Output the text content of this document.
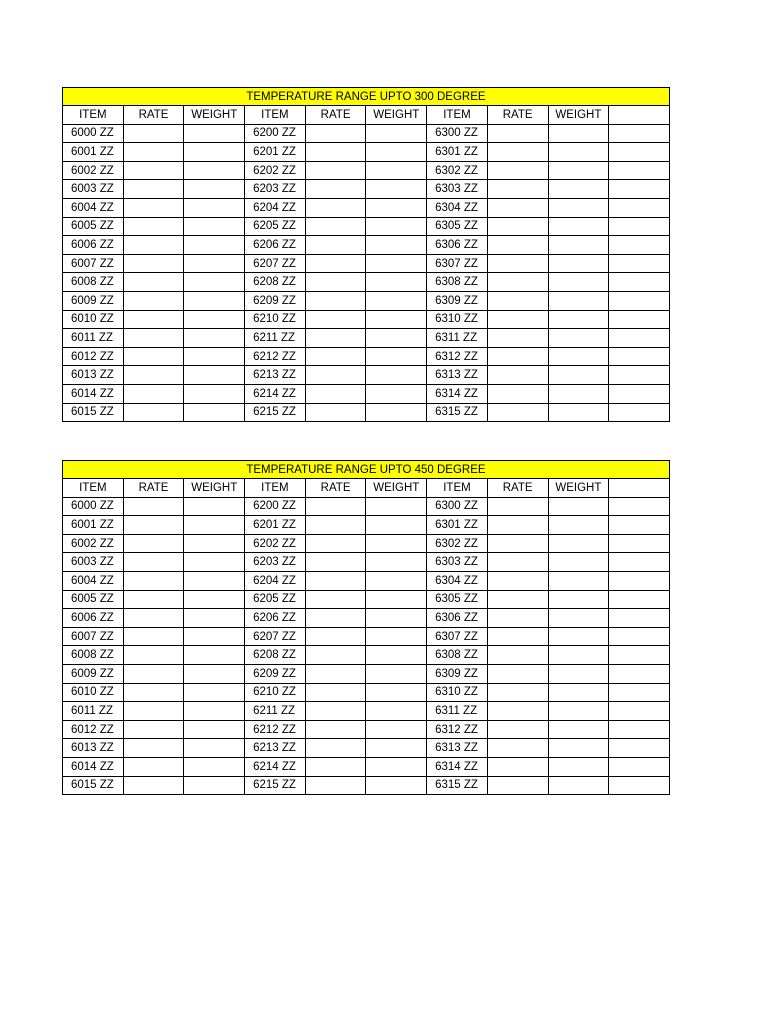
TEMPERATURE RANGE UPTO 300 DEGREE									
ITEM	RATE	WEIGHT	ITEM	RATE	WEIGHT	ITEM	RATE	WEIGHT	
6000 ZZ			6200 ZZ			6300 ZZ			
6001 ZZ			6201 ZZ			6301 ZZ			
6002 ZZ			6202 ZZ			6302 ZZ			
6003 ZZ			6203 ZZ			6303 ZZ			
6004 ZZ			6204 ZZ			6304 ZZ			
6005 ZZ			6205 ZZ			6305 ZZ			
6006 ZZ			6206 ZZ			6306 ZZ			
6007 ZZ			6207 ZZ			6307 ZZ			
6008 ZZ			6208 ZZ			6308 ZZ			
6009 ZZ			6209 ZZ			6309 ZZ			
6010 ZZ			6210 ZZ			6310 ZZ			
6011 ZZ			6211 ZZ			6311 ZZ			
6012 ZZ			6212 ZZ			6312 ZZ			
6013 ZZ			6213 ZZ			6313 ZZ			
6014 ZZ			6214 ZZ			6314 ZZ			
6015 ZZ			6215 ZZ			6315 ZZ			
TEMPERATURE RANGE UPTO 450 DEGREE									
ITEM	RATE	WEIGHT	ITEM	RATE	WEIGHT	ITEM	RATE	WEIGHT	
6000 ZZ			6200 ZZ			6300 ZZ			
6001 ZZ			6201 ZZ			6301 ZZ			
6002 ZZ			6202 ZZ			6302 ZZ			
6003 ZZ			6203 ZZ			6303 ZZ			
6004 ZZ			6204 ZZ			6304 ZZ			
6005 ZZ			6205 ZZ			6305 ZZ			
6006 ZZ			6206 ZZ			6306 ZZ			
6007 ZZ			6207 ZZ			6307 ZZ			
6008 ZZ			6208 ZZ			6308 ZZ			
6009 ZZ			6209 ZZ			6309 ZZ			
6010 ZZ			6210 ZZ			6310 ZZ			
6011 ZZ			6211 ZZ			6311 ZZ			
6012 ZZ			6212 ZZ			6312 ZZ			
6013 ZZ			6213 ZZ			6313 ZZ			
6014 ZZ			6214 ZZ			6314 ZZ			
6015 ZZ			6215 ZZ			6315 ZZ			
